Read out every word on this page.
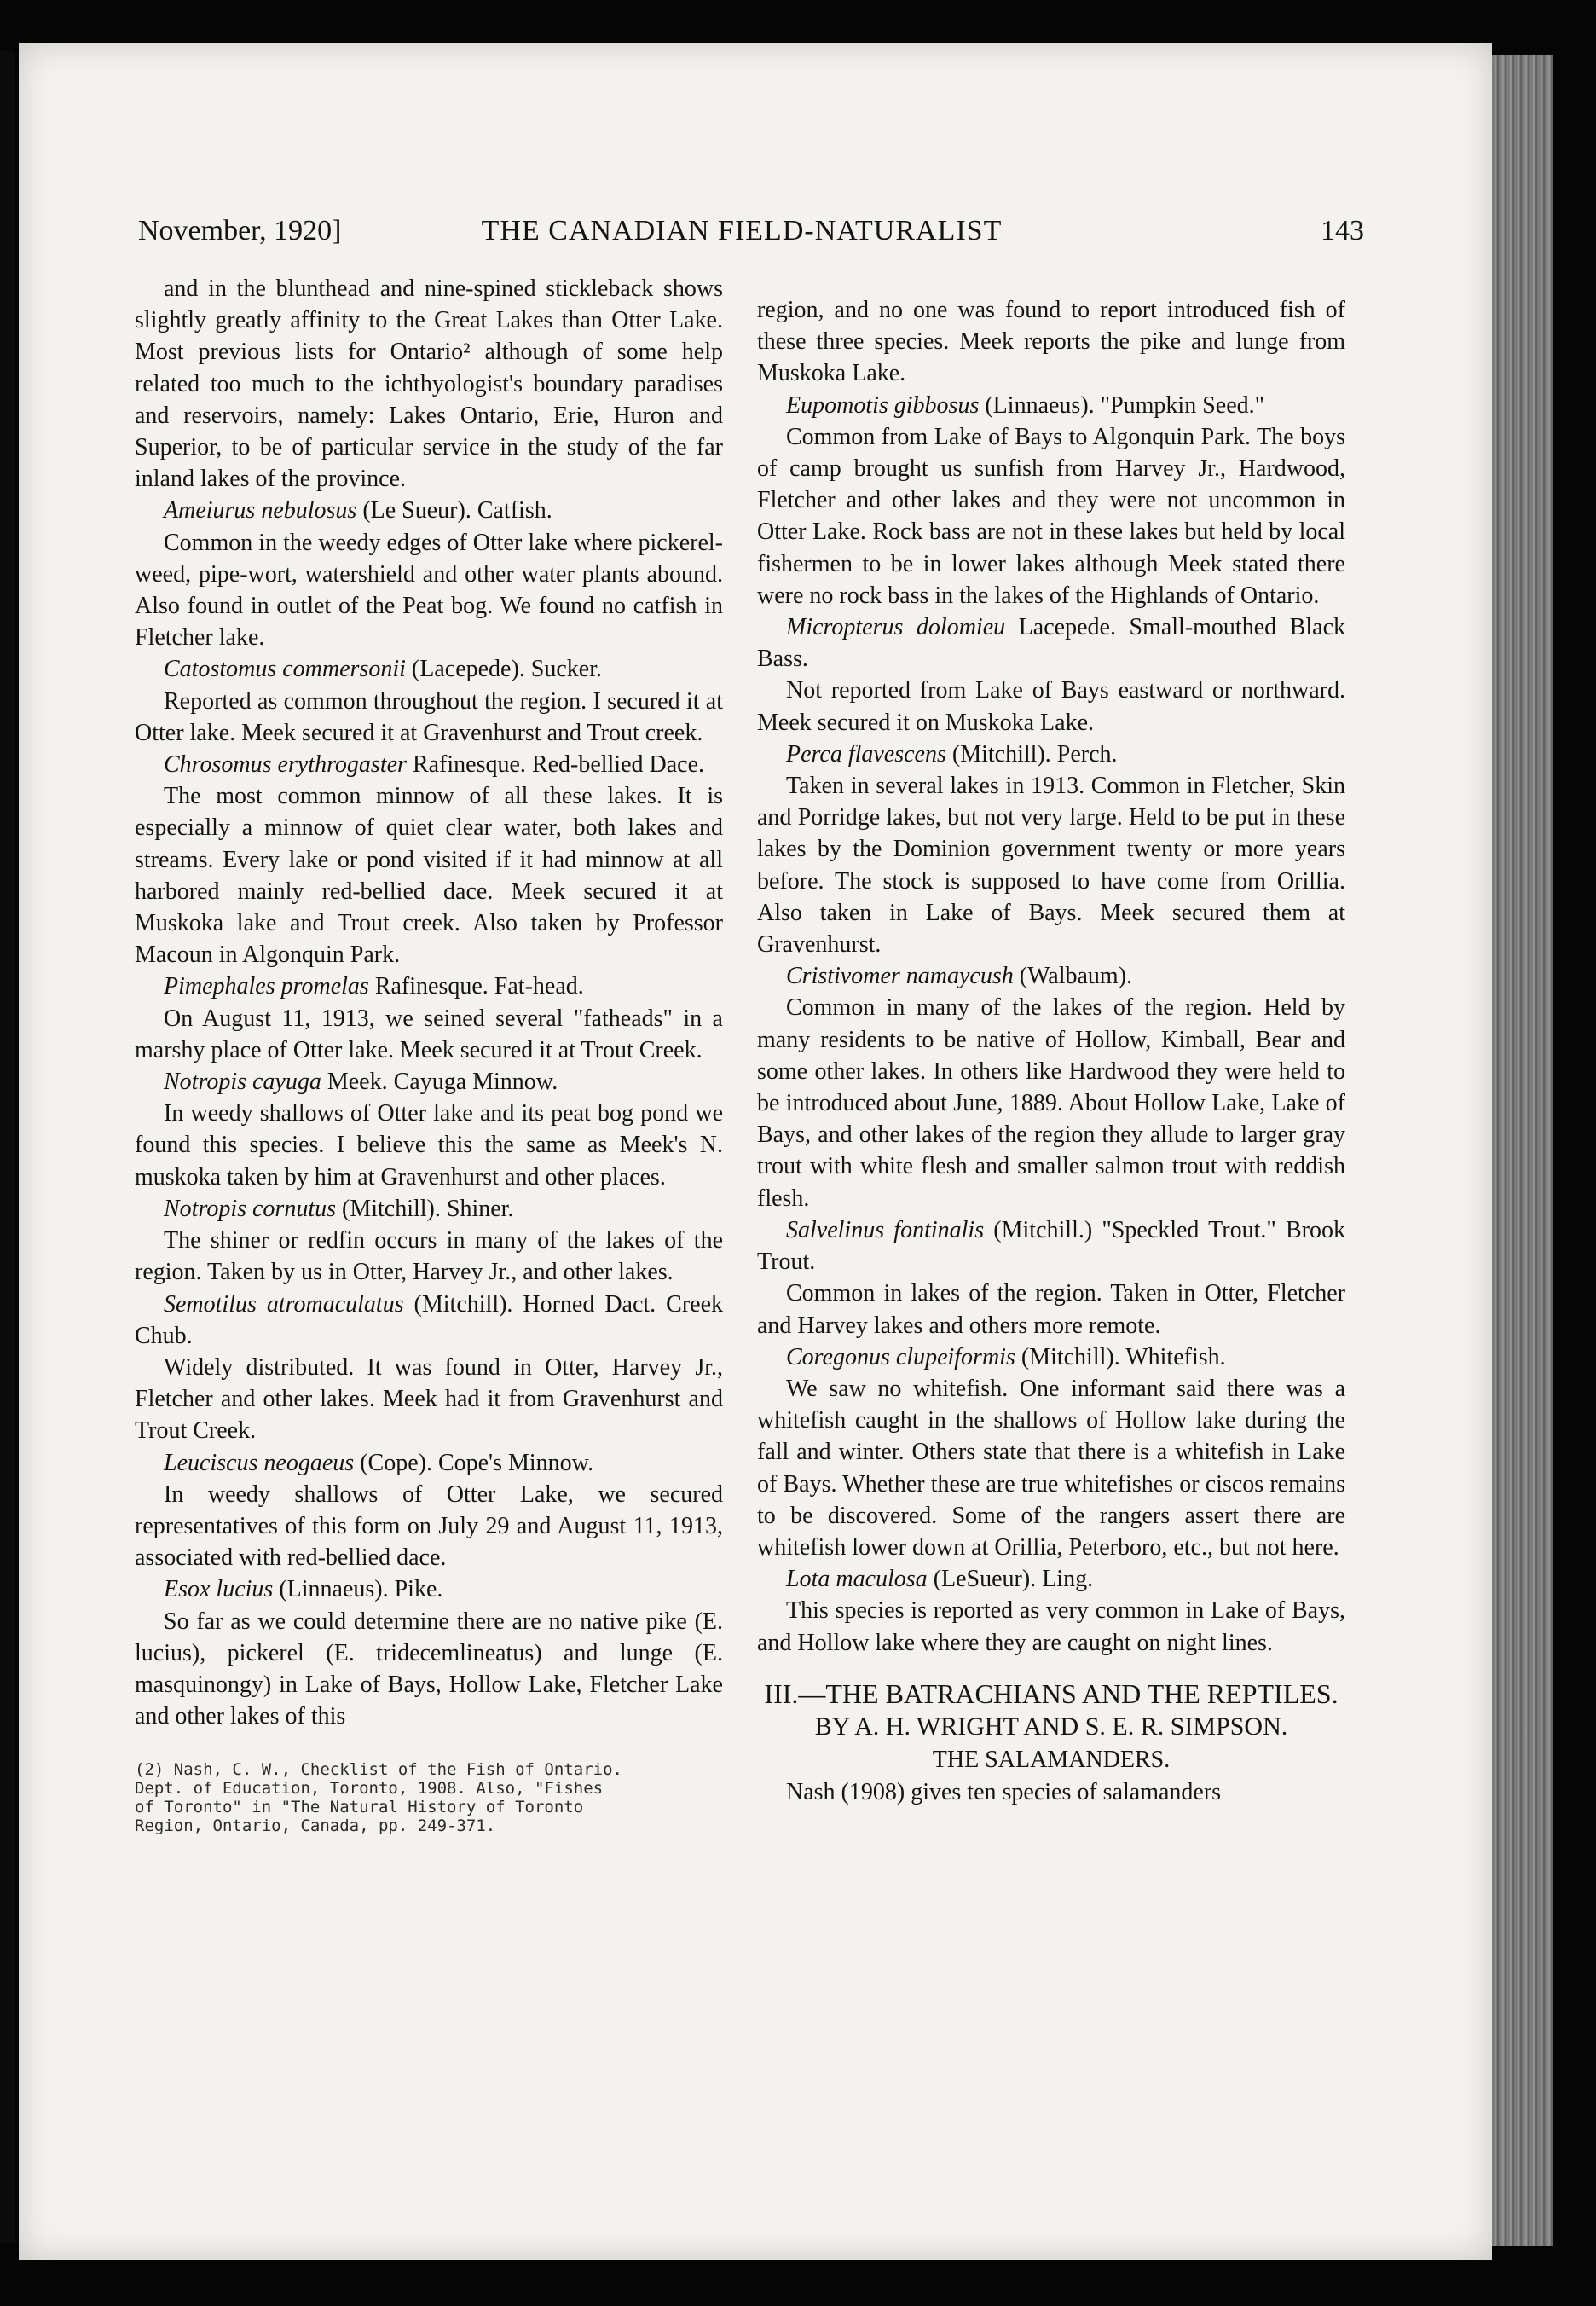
November, 1920]	THE CANADIAN FIELD-NATURALIST	143

and in the blunthead and nine-spined stickleback shows slightly greatly affinity to the Great Lakes than Otter Lake. Most previous lists for Ontario² although of some help related too much to the ichthyologist's boundary paradises and reservoirs, namely: Lakes Ontario, Erie, Huron and Superior, to be of particular service in the study of the far inland lakes of the province.

Ameiurus nebulosus (Le Sueur). Catfish.

Common in the weedy edges of Otter lake where pickerel-weed, pipe-wort, watershield and other water plants abound. Also found in outlet of the Peat bog. We found no catfish in Fletcher lake.

Catostomus commersonii (Lacepede). Sucker.

Reported as common throughout the region. I secured it at Otter lake. Meek secured it at Gravenhurst and Trout creek.

Chrosomus erythrogaster Rafinesque. Red-bellied Dace.

The most common minnow of all these lakes. It is especially a minnow of quiet clear water, both lakes and streams. Every lake or pond visited if it had minnow at all harbored mainly red-bellied dace. Meek secured it at Muskoka lake and Trout creek. Also taken by Professor Macoun in Algonquin Park.

Pimephales promelas Rafinesque. Fat-head.

On August 11, 1913, we seined several "fatheads" in a marshy place of Otter lake. Meek secured it at Trout Creek.

Notropis cayuga Meek. Cayuga Minnow.

In weedy shallows of Otter lake and its peat bog pond we found this species. I believe this the same as Meek's N. muskoka taken by him at Gravenhurst and other places.

Notropis cornutus (Mitchill). Shiner.

The shiner or redfin occurs in many of the lakes of the region. Taken by us in Otter, Harvey Jr., and other lakes.

Semotilus atromaculatus (Mitchill). Horned Dact. Creek Chub.

Widely distributed. It was found in Otter, Harvey Jr., Fletcher and other lakes. Meek had it from Gravenhurst and Trout Creek.

Leuciscus neogaeus (Cope). Cope's Minnow.

In weedy shallows of Otter Lake, we secured representatives of this form on July 29 and August 11, 1913, associated with red-bellied dace.

Esox lucius (Linnaeus). Pike.

So far as we could determine there are no native pike (E. lucius), pickerel (E. tridecemlineatus) and lunge (E. masquinongy) in Lake of Bays, Hollow Lake, Fletcher Lake and other lakes of this

(2) Nash, C. W., Checklist of the Fish of Ontario.
Dept. of Education, Toronto, 1908. Also, "Fishes
of Toronto" in "The Natural History of Toronto
Region, Ontario, Canada, pp. 249-371.

region, and no one was found to report introduced fish of these three species. Meek reports the pike and lunge from Muskoka Lake.

Eupomotis gibbosus (Linnaeus). "Pumpkin Seed."

Common from Lake of Bays to Algonquin Park. The boys of camp brought us sunfish from Harvey Jr., Hardwood, Fletcher and other lakes and they were not uncommon in Otter Lake. Rock bass are not in these lakes but held by local fishermen to be in lower lakes although Meek stated there were no rock bass in the lakes of the Highlands of Ontario.

Micropterus dolomieu Lacepede. Small-mouthed Black Bass.

Not reported from Lake of Bays eastward or northward. Meek secured it on Muskoka Lake.

Perca flavescens (Mitchill). Perch.

Taken in several lakes in 1913. Common in Fletcher, Skin and Porridge lakes, but not very large. Held to be put in these lakes by the Dominion government twenty or more years before. The stock is supposed to have come from Orillia. Also taken in Lake of Bays. Meek secured them at Gravenhurst.

Cristivomer namaycush (Walbaum).

Common in many of the lakes of the region. Held by many residents to be native of Hollow, Kimball, Bear and some other lakes. In others like Hardwood they were held to be introduced about June, 1889. About Hollow Lake, Lake of Bays, and other lakes of the region they allude to larger gray trout with white flesh and smaller salmon trout with reddish flesh.

Salvelinus fontinalis (Mitchill.) "Speckled Trout." Brook Trout.

Common in lakes of the region. Taken in Otter, Fletcher and Harvey lakes and others more remote.

Coregonus clupeiformis (Mitchill). Whitefish.

We saw no whitefish. One informant said there was a whitefish caught in the shallows of Hollow lake during the fall and winter. Others state that there is a whitefish in Lake of Bays. Whether these are true whitefishes or ciscos remains to be discovered. Some of the rangers assert there are whitefish lower down at Orillia, Peterboro, etc., but not here.

Lota maculosa (LeSueur). Ling.

This species is reported as very common in Lake of Bays, and Hollow lake where they are caught on night lines.

III.—THE BATRACHIANS AND THE REPTILES.

BY A. H. WRIGHT AND S. E. R. SIMPSON.

THE SALAMANDERS.

Nash (1908) gives ten species of salamanders
